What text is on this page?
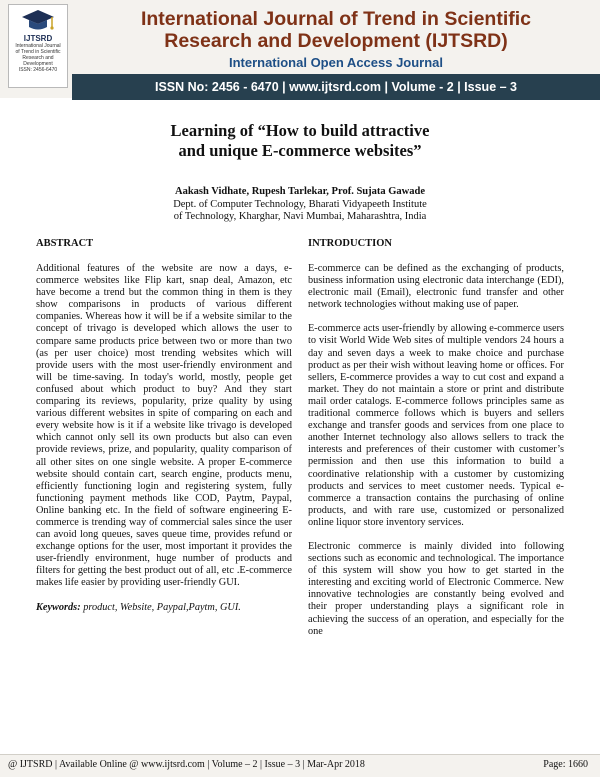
IJTSRD
International Journal
of Trend in Scientific
Research and
Development
ISSN: 2456-6470
International Journal of Trend in Scientific
Research and Development (IJTSRD)
International Open Access Journal
ISSN No: 2456 - 6470 | www.ijtsrd.com | Volume - 2 | Issue – 3
Learning of “How to build attractive
and unique E-commerce websites”
Aakash Vidhate, Rupesh Tarlekar, Prof. Sujata Gawade
Dept. of Computer Technology, Bharati Vidyapeeth Institute
of Technology, Kharghar, Navi Mumbai, Maharashtra, India
ABSTRACT

Additional features of the website are now a days, e-commerce websites like Flip kart, snap deal, Amazon, etc have become a trend but the common thing in them is they show comparisons in products of various different companies. Whereas how it will be if a website similar to the concept of trivago is developed which allows the user to compare same products price between two or more than two (as per user choice) most trending websites which will provide users with the most user-friendly environment and will be time-saving. In today's world, mostly, people get confused about which product to buy? And they start comparing its reviews, popularity, prize quality by using various different websites in spite of comparing on each and every website how is it if a website like trivago is developed which cannot only sell its own products but also can even provide reviews, prize, and popularity, quality comparison of all other sites on one single website. A proper E-commerce website should contain cart, search engine, products menu, efficiently functioning login and registering system, fully functioning payment methods like COD, Paytm, Paypal, Online banking etc. In the field of software engineering E-commerce is trending way of commercial sales since the user can avoid long queues, saves queue time, provides refund or exchange options for the user, most important it provides the user-friendly environment, huge number of products and filters for getting the best product out of all, etc .E-commerce makes life easier by providing user-friendly GUI.

Keywords: product, Website, Paypal,Paytm, GUI.
INTRODUCTION

E-commerce can be defined as the exchanging of products, business information using electronic data interchange (EDI), electronic mail (Email), electronic fund transfer and other network technologies without making use of paper.

E-commerce acts user-friendly by allowing e-commerce users to visit World Wide Web sites of multiple vendors 24 hours a day and seven days a week to make choice and purchase product as per their wish without leaving home or offices. For sellers, E-commerce provides a way to cut cost and expand a market. They do not maintain a store or print and distribute mail order catalogs. E-commerce follows principles same as traditional commerce follows which is buyers and sellers exchange and transfer goods and services from one place to another Internet technology also allows sellers to track the interests and preferences of their customer with customer’s permission and then use this information to build a coordinative relationship with a customer by customizing products and services to meet customer needs. Typical e-commerce a transaction contains the purchasing of online products, and with rare use, customized or personalized online liquor store inventory services.

Electronic commerce is mainly divided into following sections such as economic and technological. The importance of this system will show you how to get started in the interesting and exciting world of Electronic Commerce. New innovative technologies are constantly being evolved and their proper understanding plays a significant role in achieving the success of an operation, and especially for the one

@ IJTSRD | Available Online @ www.ijtsrd.com | Volume – 2 | Issue – 3 | Mar-Apr 2018	Page: 1660
